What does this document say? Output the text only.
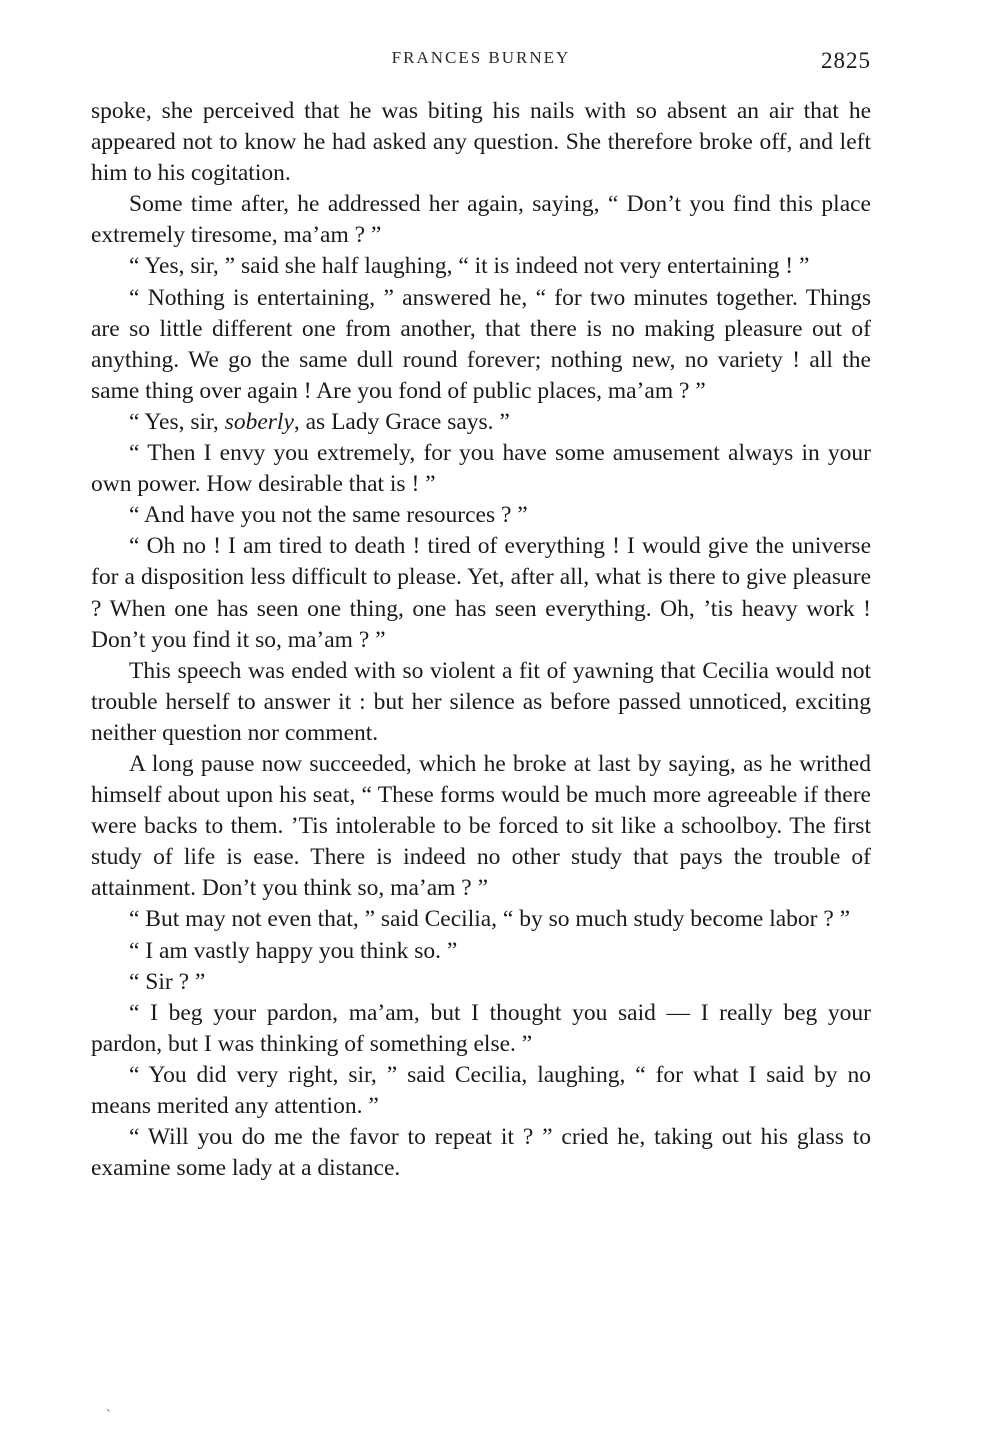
FRANCES BURNEY	2825

spoke, she perceived that he was biting his nails with so absent an air that he appeared not to know he had asked any question. She therefore broke off, and left him to his cogitation.

Some time after, he addressed her again, saying, “ Don’t you find this place extremely tiresome, ma’am ? ”

“ Yes, sir, ” said she half laughing, “ it is indeed not very entertaining ! ”

“ Nothing is entertaining, ” answered he, “ for two minutes together. Things are so little different one from another, that there is no making pleasure out of anything. We go the same dull round forever; nothing new, no variety ! all the same thing over again ! Are you fond of public places, ma’am ? ”

“ Yes, sir, soberly, as Lady Grace says. ”

“ Then I envy you extremely, for you have some amusement always in your own power. How desirable that is ! ”

“ And have you not the same resources ? ”

“ Oh no ! I am tired to death ! tired of everything ! I would give the universe for a disposition less difficult to please. Yet, after all, what is there to give pleasure ? When one has seen one thing, one has seen everything. Oh, ’tis heavy work ! Don’t you find it so, ma’am ? ”

This speech was ended with so violent a fit of yawning that Cecilia would not trouble herself to answer it : but her silence as before passed unnoticed, exciting neither question nor comment.

A long pause now succeeded, which he broke at last by saying, as he writhed himself about upon his seat, “ These forms would be much more agreeable if there were backs to them. ’Tis intolerable to be forced to sit like a schoolboy. The first study of life is ease. There is indeed no other study that pays the trouble of attainment. Don’t you think so, ma’am ? ”

“ But may not even that, ” said Cecilia, “ by so much study become labor ? ”

“ I am vastly happy you think so. ”

“ Sir ? ”

“ I beg your pardon, ma’am, but I thought you said — I really beg your pardon, but I was thinking of something else. ”

“ You did very right, sir, ” said Cecilia, laughing, “ for what I said by no means merited any attention. ”

“ Will you do me the favor to repeat it ? ” cried he, taking out his glass to examine some lady at a distance.

`
